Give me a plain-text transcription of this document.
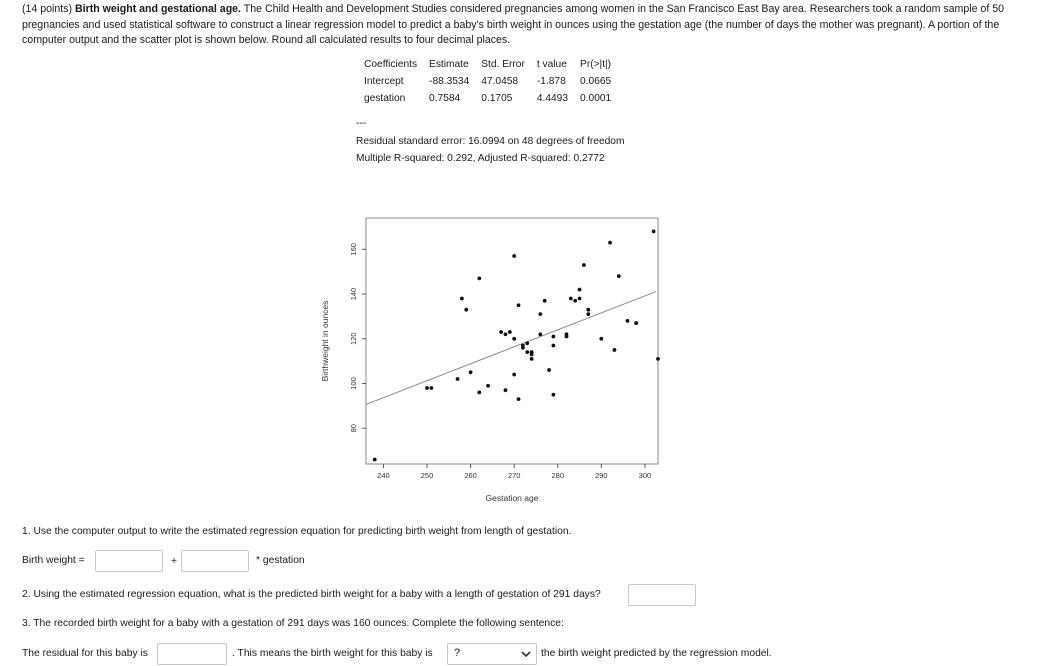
(14 points) Birth weight and gestational age. The Child Health and Development Studies considered pregnancies among women in the San Francisco East Bay area. Researchers took a random sample of 50 pregnancies and used statistical software to construct a linear regression model to predict a baby's birth weight in ounces using the gestation age (the number of days the mother was pregnant). A portion of the computer output and the scatter plot is shown below. Round all calculated results to four decimal places.
Coefficients	Estimate	Std. Error	t value	Pr(>|t|)
Intercept	-88.3534	47.0458	-1.878	0.0665
gestation	0.7584	0.1705	4.4493	0.0001
---
Residual standard error: 16.0994 on 48 degrees of freedom
Multiple R-squared: 0.292, Adjusted R-squared: 0.2772
240	250	260	270	280	290	300
80
100
120
140
160
Gestation age
Birthweight in ounces
1. Use the computer output to write the estimated regression equation for predicting birth weight from length of gestation.
Birth weight =	+	* gestation
2. Using the estimated regression equation, what is the predicted birth weight for a baby with a length of gestation of 291 days?
3. The recorded birth weight for a baby with a gestation of 291 days was 160 ounces. Complete the following sentence:
The residual for this baby is	. This means the birth weight for this baby is	?	the birth weight predicted by the regression model.
